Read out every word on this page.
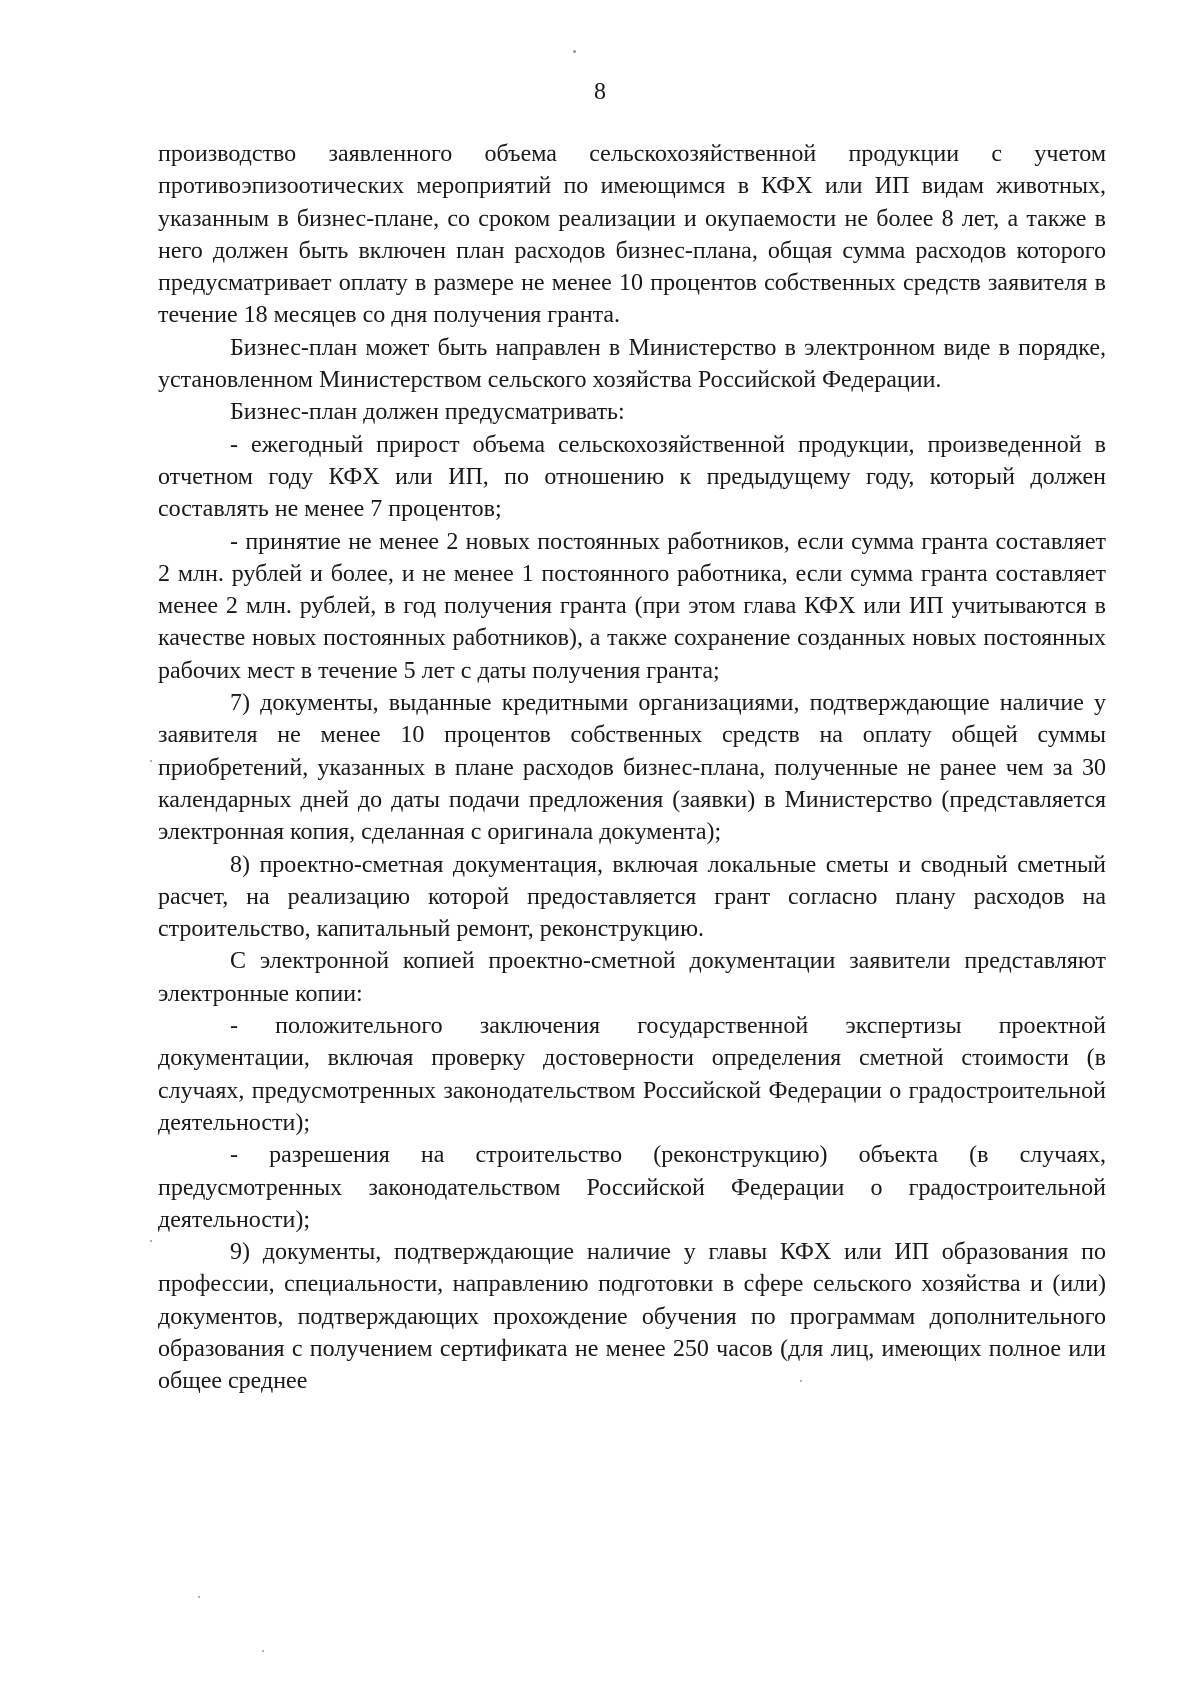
8

производство заявленного объема сельскохозяйственной продукции с учетом противоэпизоотических мероприятий по имеющимся в КФХ или ИП видам животных, указанным в бизнес-плане, со сроком реализации и окупаемости не более 8 лет, а также в него должен быть включен план расходов бизнес-плана, общая сумма расходов которого предусматривает оплату в размере не менее 10 процентов собственных средств заявителя в течение 18 месяцев со дня получения гранта.

Бизнес-план может быть направлен в Министерство в электронном виде в порядке, установленном Министерством сельского хозяйства Российской Федерации.

Бизнес-план должен предусматривать:

- ежегодный прирост объема сельскохозяйственной продукции, произведенной в отчетном году КФХ или ИП, по отношению к предыдущему году, который должен составлять не менее 7 процентов;

- принятие не менее 2 новых постоянных работников, если сумма гранта составляет 2 млн. рублей и более, и не менее 1 постоянного работника, если сумма гранта составляет менее 2 млн. рублей, в год получения гранта (при этом глава КФХ или ИП учитываются в качестве новых постоянных работников), а также сохранение созданных новых постоянных рабочих мест в течение 5 лет с даты получения гранта;

7) документы, выданные кредитными организациями, подтверждающие наличие у заявителя не менее 10 процентов собственных средств на оплату общей суммы приобретений, указанных в плане расходов бизнес-плана, полученные не ранее чем за 30 календарных дней до даты подачи предложения (заявки) в Министерство (представляется электронная копия, сделанная с оригинала документа);

8) проектно-сметная документация, включая локальные сметы и сводный сметный расчет, на реализацию которой предоставляется грант согласно плану расходов на строительство, капитальный ремонт, реконструкцию.

С электронной копией проектно-сметной документации заявители представляют электронные копии:

- положительного заключения государственной экспертизы проектной документации, включая проверку достоверности определения сметной стоимости (в случаях, предусмотренных законодательством Российской Федерации о градостроительной деятельности);

- разрешения на строительство (реконструкцию) объекта (в случаях, предусмотренных законодательством Российской Федерации о градостроительной деятельности);

9) документы, подтверждающие наличие у главы КФХ или ИП образования по профессии, специальности, направлению подготовки в сфере сельского хозяйства и (или) документов, подтверждающих прохождение обучения по программам дополнительного образования с получением сертификата не менее 250 часов (для лиц, имеющих полное или общее среднее
